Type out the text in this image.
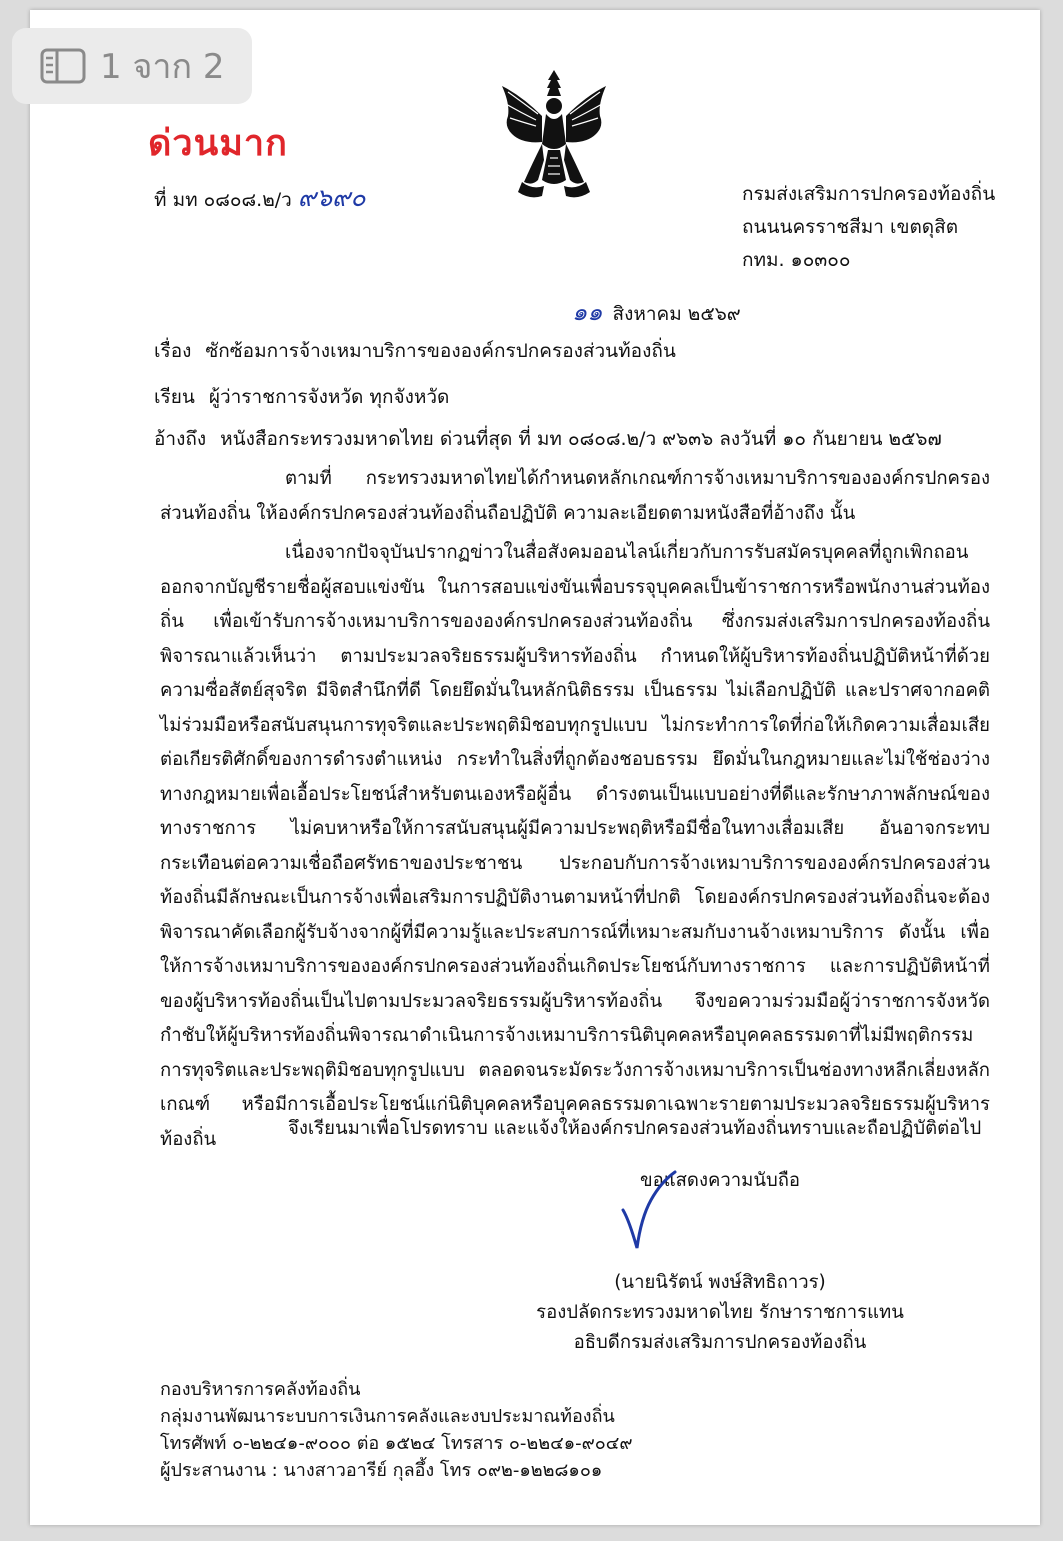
ด่วนมาก
ที่ มท ๐๘๐๘.๒/ว ๙๖๙๐	กรมส่งเสริมการปกครองท้องถิ่น
ถนนนครราชสีมา เขตดุสิต
กทม. ๑๐๓๐๐
๑๑ สิงหาคม ๒๕๖๙
เรื่อง ซักซ้อมการจ้างเหมาบริการขององค์กรปกครองส่วนท้องถิ่น
เรียน ผู้ว่าราชการจังหวัด ทุกจังหวัด
อ้างถึง หนังสือกระทรวงมหาดไทย ด่วนที่สุด ที่ มท ๐๘๐๘.๒/ว ๙๖๓๖ ลงวันที่ ๑๐ กันยายน ๒๕๖๗
ตามที่ กระทรวงมหาดไทยได้กำหนดหลักเกณฑ์การจ้างเหมาบริการขององค์กรปกครองส่วนท้องถิ่น ให้องค์กรปกครองส่วนท้องถิ่นถือปฏิบัติ ความละเอียดตามหนังสือที่อ้างถึง นั้น
เนื่องจากปัจจุบันปรากฏข่าวในสื่อสังคมออนไลน์เกี่ยวกับการรับสมัครบุคคลที่ถูกเพิกถอนออกจากบัญชีรายชื่อผู้สอบแข่งขัน ในการสอบแข่งขันเพื่อบรรจุบุคคลเป็นข้าราชการหรือพนักงานส่วนท้องถิ่น เพื่อเข้ารับการจ้างเหมาบริการขององค์กรปกครองส่วนท้องถิ่น ซึ่งกรมส่งเสริมการปกครองท้องถิ่นพิจารณาแล้วเห็นว่า ตามประมวลจริยธรรมผู้บริหารท้องถิ่น กำหนดให้ผู้บริหารท้องถิ่นปฏิบัติหน้าที่ด้วยความซื่อสัตย์สุจริต มีจิตสำนึกที่ดี โดยยึดมั่นในหลักนิติธรรม เป็นธรรม ไม่เลือกปฏิบัติ และปราศจากอคติ ไม่ร่วมมือหรือสนับสนุนการทุจริตและประพฤติมิชอบทุกรูปแบบ ไม่กระทำการใดที่ก่อให้เกิดความเสื่อมเสียต่อเกียรติศักดิ์ของการดำรงตำแหน่ง กระทำในสิ่งที่ถูกต้องชอบธรรม ยึดมั่นในกฎหมายและไม่ใช้ช่องว่างทางกฎหมายเพื่อเอื้อประโยชน์สำหรับตนเองหรือผู้อื่น ดำรงตนเป็นแบบอย่างที่ดีและรักษาภาพลักษณ์ของทางราชการ ไม่คบหาหรือให้การสนับสนุนผู้มีความประพฤติหรือมีชื่อในทางเสื่อมเสีย อันอาจกระทบกระเทือนต่อความเชื่อถือศรัทธาของประชาชน ประกอบกับการจ้างเหมาบริการขององค์กรปกครองส่วนท้องถิ่นมีลักษณะเป็นการจ้างเพื่อเสริมการปฏิบัติงานตามหน้าที่ปกติ โดยองค์กรปกครองส่วนท้องถิ่นจะต้องพิจารณาคัดเลือกผู้รับจ้างจากผู้ที่มีความรู้และประสบการณ์ที่เหมาะสมกับงานจ้างเหมาบริการ ดังนั้น เพื่อให้การจ้างเหมาบริการขององค์กรปกครองส่วนท้องถิ่นเกิดประโยชน์กับทางราชการ และการปฏิบัติหน้าที่ของผู้บริหารท้องถิ่นเป็นไปตามประมวลจริยธรรมผู้บริหารท้องถิ่น จึงขอความร่วมมือผู้ว่าราชการจังหวัดกำชับให้ผู้บริหารท้องถิ่นพิจารณาดำเนินการจ้างเหมาบริการนิติบุคคลหรือบุคคลธรรมดาที่ไม่มีพฤติกรรมการทุจริตและประพฤติมิชอบทุกรูปแบบ ตลอดจนระมัดระวังการจ้างเหมาบริการเป็นช่องทางหลีกเลี่ยงหลักเกณฑ์ หรือมีการเอื้อประโยชน์แก่นิติบุคคลหรือบุคคลธรรมดาเฉพาะรายตามประมวลจริยธรรมผู้บริหารท้องถิ่น	จึงเรียนมาเพื่อโปรดทราบ และแจ้งให้องค์กรปกครองส่วนท้องถิ่นทราบและถือปฏิบัติต่อไป
ขอแสดงความนับถือ
(นายนิรัตน์ พงษ์สิทธิถาวร)
รองปลัดกระทรวงมหาดไทย รักษาราชการแทน
อธิบดีกรมส่งเสริมการปกครองท้องถิ่น
กองบริหารการคลังท้องถิ่น
กลุ่มงานพัฒนาระบบการเงินการคลังและงบประมาณท้องถิ่น
โทรศัพท์ ๐-๒๒๔๑-๙๐๐๐ ต่อ ๑๕๒๔ โทรสาร ๐-๒๒๔๑-๙๐๔๙
ผู้ประสานงาน : นางสาวอารีย์ กุลอึ้ง โทร ๐๙๒-๑๒๒๘๑๐๑
1 จาก 2
